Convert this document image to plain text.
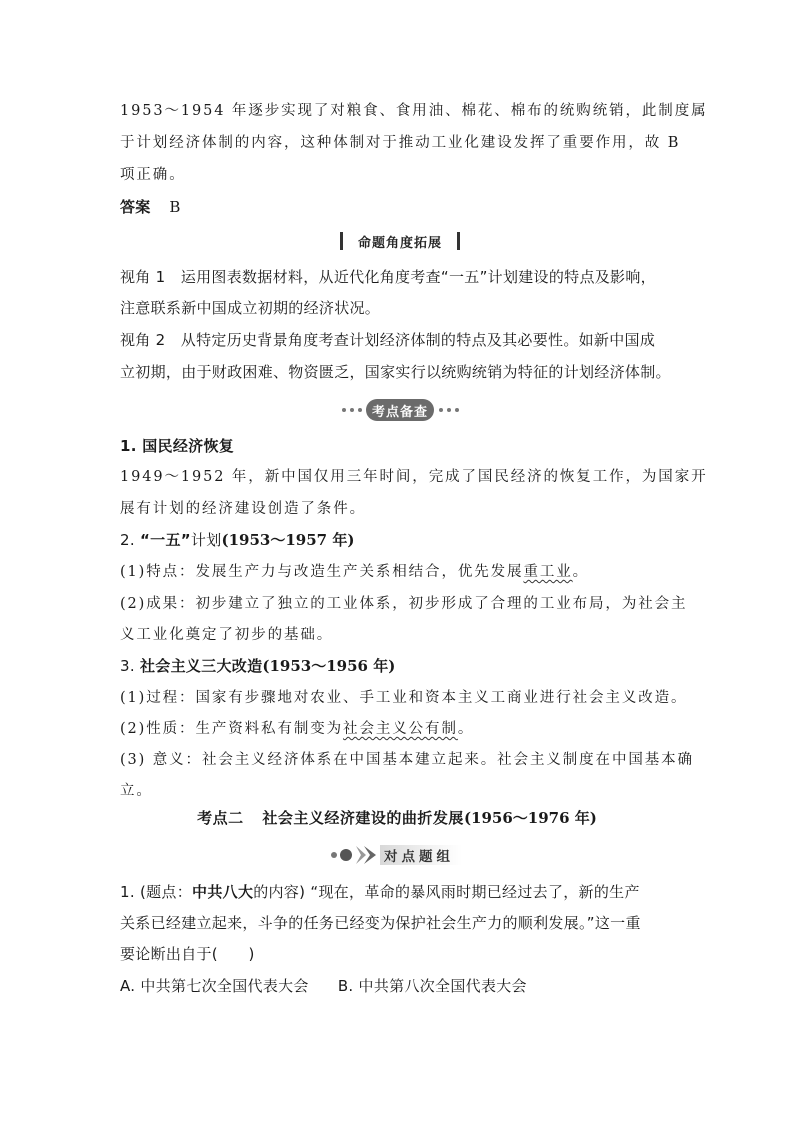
1953～1954 年逐步实现了对粮食、食用油、棉花、棉布的统购统销，此制度属
于计划经济体制的内容，这种体制对于推动工业化建设发挥了重要作用，故 B
项正确。
答案 B
命题角度拓展
视角 1　运用图表数据材料，从近代化角度考查“一五”计划建设的特点及影响，
注意联系新中国成立初期的经济状况。
视角 2　从特定历史背景角度考查计划经济体制的特点及其必要性。如新中国成
立初期，由于财政困难、物资匮乏，国家实行以统购统销为特征的计划经济体制。
考点备查
1. 国民经济恢复
1949～1952 年，新中国仅用三年时间，完成了国民经济的恢复工作，为国家开
展有计划的经济建设创造了条件。
2. “一五”计划(1953～1957 年)
(1)特点：发展生产力与改造生产关系相结合，优先发展重工业。
(2)成果：初步建立了独立的工业体系，初步形成了合理的工业布局，为社会主
义工业化奠定了初步的基础。
3. 社会主义三大改造(1953～1956 年)
(1)过程：国家有步骤地对农业、手工业和资本主义工商业进行社会主义改造。
(2)性质：生产资料私有制变为社会主义公有制。
(3) 意义：社会主义经济体系在中国基本建立起来。社会主义制度在中国基本确
立。
考点二 社会主义经济建设的曲折发展(1956～1976 年)
对点题组
1. (题点：中共八大的内容) “现在，革命的暴风雨时期已经过去了，新的生产
关系已经建立起来，斗争的任务已经变为保护社会生产力的顺利发展。”这一重
要论断出自于(　　)
A. 中共第七次全国代表大会 B. 中共第八次全国代表大会
